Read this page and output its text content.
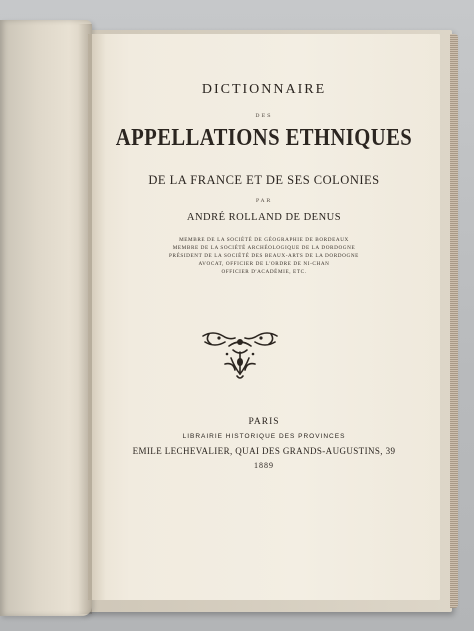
DICTIONNAIRE
DES
APPELLATIONS ETHNIQUES
DE LA FRANCE ET DE SES COLONIES
PAR
ANDRÉ ROLLAND DE DENUS
MEMBRE DE LA SOCIÉTÉ DE GÉOGRAPHIE DE BORDEAUX
MEMBRE DE LA SOCIÉTÉ ARCHÉOLOGIQUE DE LA DORDOGNE
PRÉSIDENT DE LA SOCIÉTÉ DES BEAUX-ARTS DE LA DORDOGNE
AVOCAT, OFFICIER DE L'ORDRE DE NI-CHAN
OFFICIER D'ACADÉMIE, ETC.
PARIS
LIBRAIRIE HISTORIQUE DES PROVINCES
EMILE LECHEVALIER, QUAI DES GRANDS-AUGUSTINS, 39
1889
